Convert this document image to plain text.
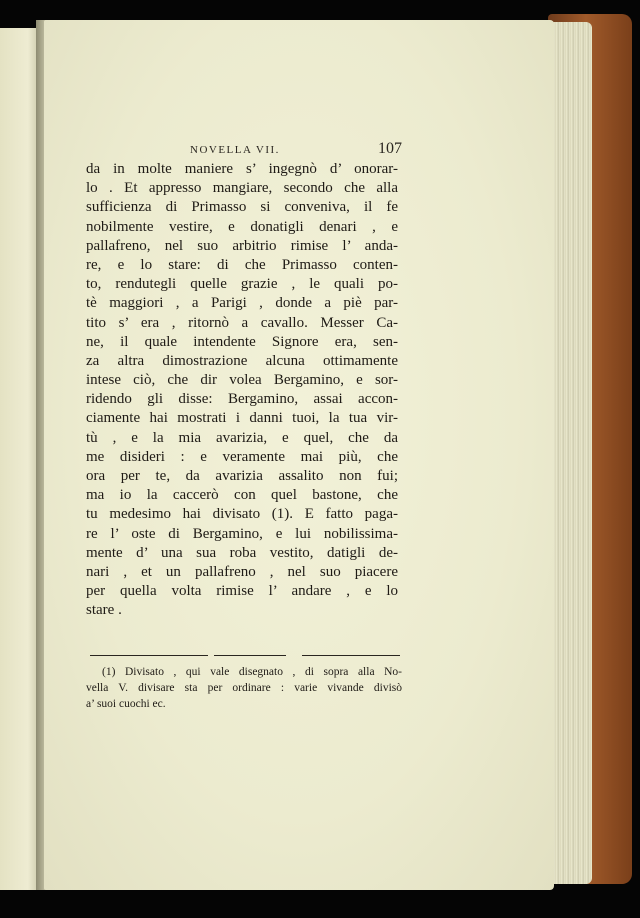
NOVELLA VII.	107
da in molte maniere s’ ingegnò d’ onorar-
lo . Et appresso mangiare, secondo che alla
sufficienza di Primasso si conveniva, il fe
nobilmente vestire, e donatigli denari , e
pallafreno, nel suo arbitrio rimise l’ anda-
re, e lo stare: di che Primasso conten-
to, rendutegli quelle grazie , le quali po-
tè maggiori , a Parigi , donde a piè par-
tito s’ era , ritornò a cavallo. Messer Ca-
ne, il quale intendente Signore era, sen-
za altra dimostrazione alcuna ottimamente
intese ciò, che dir volea Bergamino, e sor-
ridendo gli disse: Bergamino, assai accon-
ciamente hai mostrati i danni tuoi, la tua vir-
tù , e la mia avarizia, e quel, che da
me disideri : e veramente mai più, che
ora per te, da avarizia assalito non fui;
ma io la caccerò con quel bastone, che
tu medesimo hai divisato (1). E fatto paga-
re l’ oste di Bergamino, e lui nobilissima-
mente d’ una sua roba vestito, datigli de-
nari , et un pallafreno , nel suo piacere
per quella volta rimise l’ andare , e lo
stare .
(1) Divisato , qui vale disegnato , di sopra alla No-
vella V. divisare sta per ordinare : varie vivande divisò
a’ suoi cuochi ec.
